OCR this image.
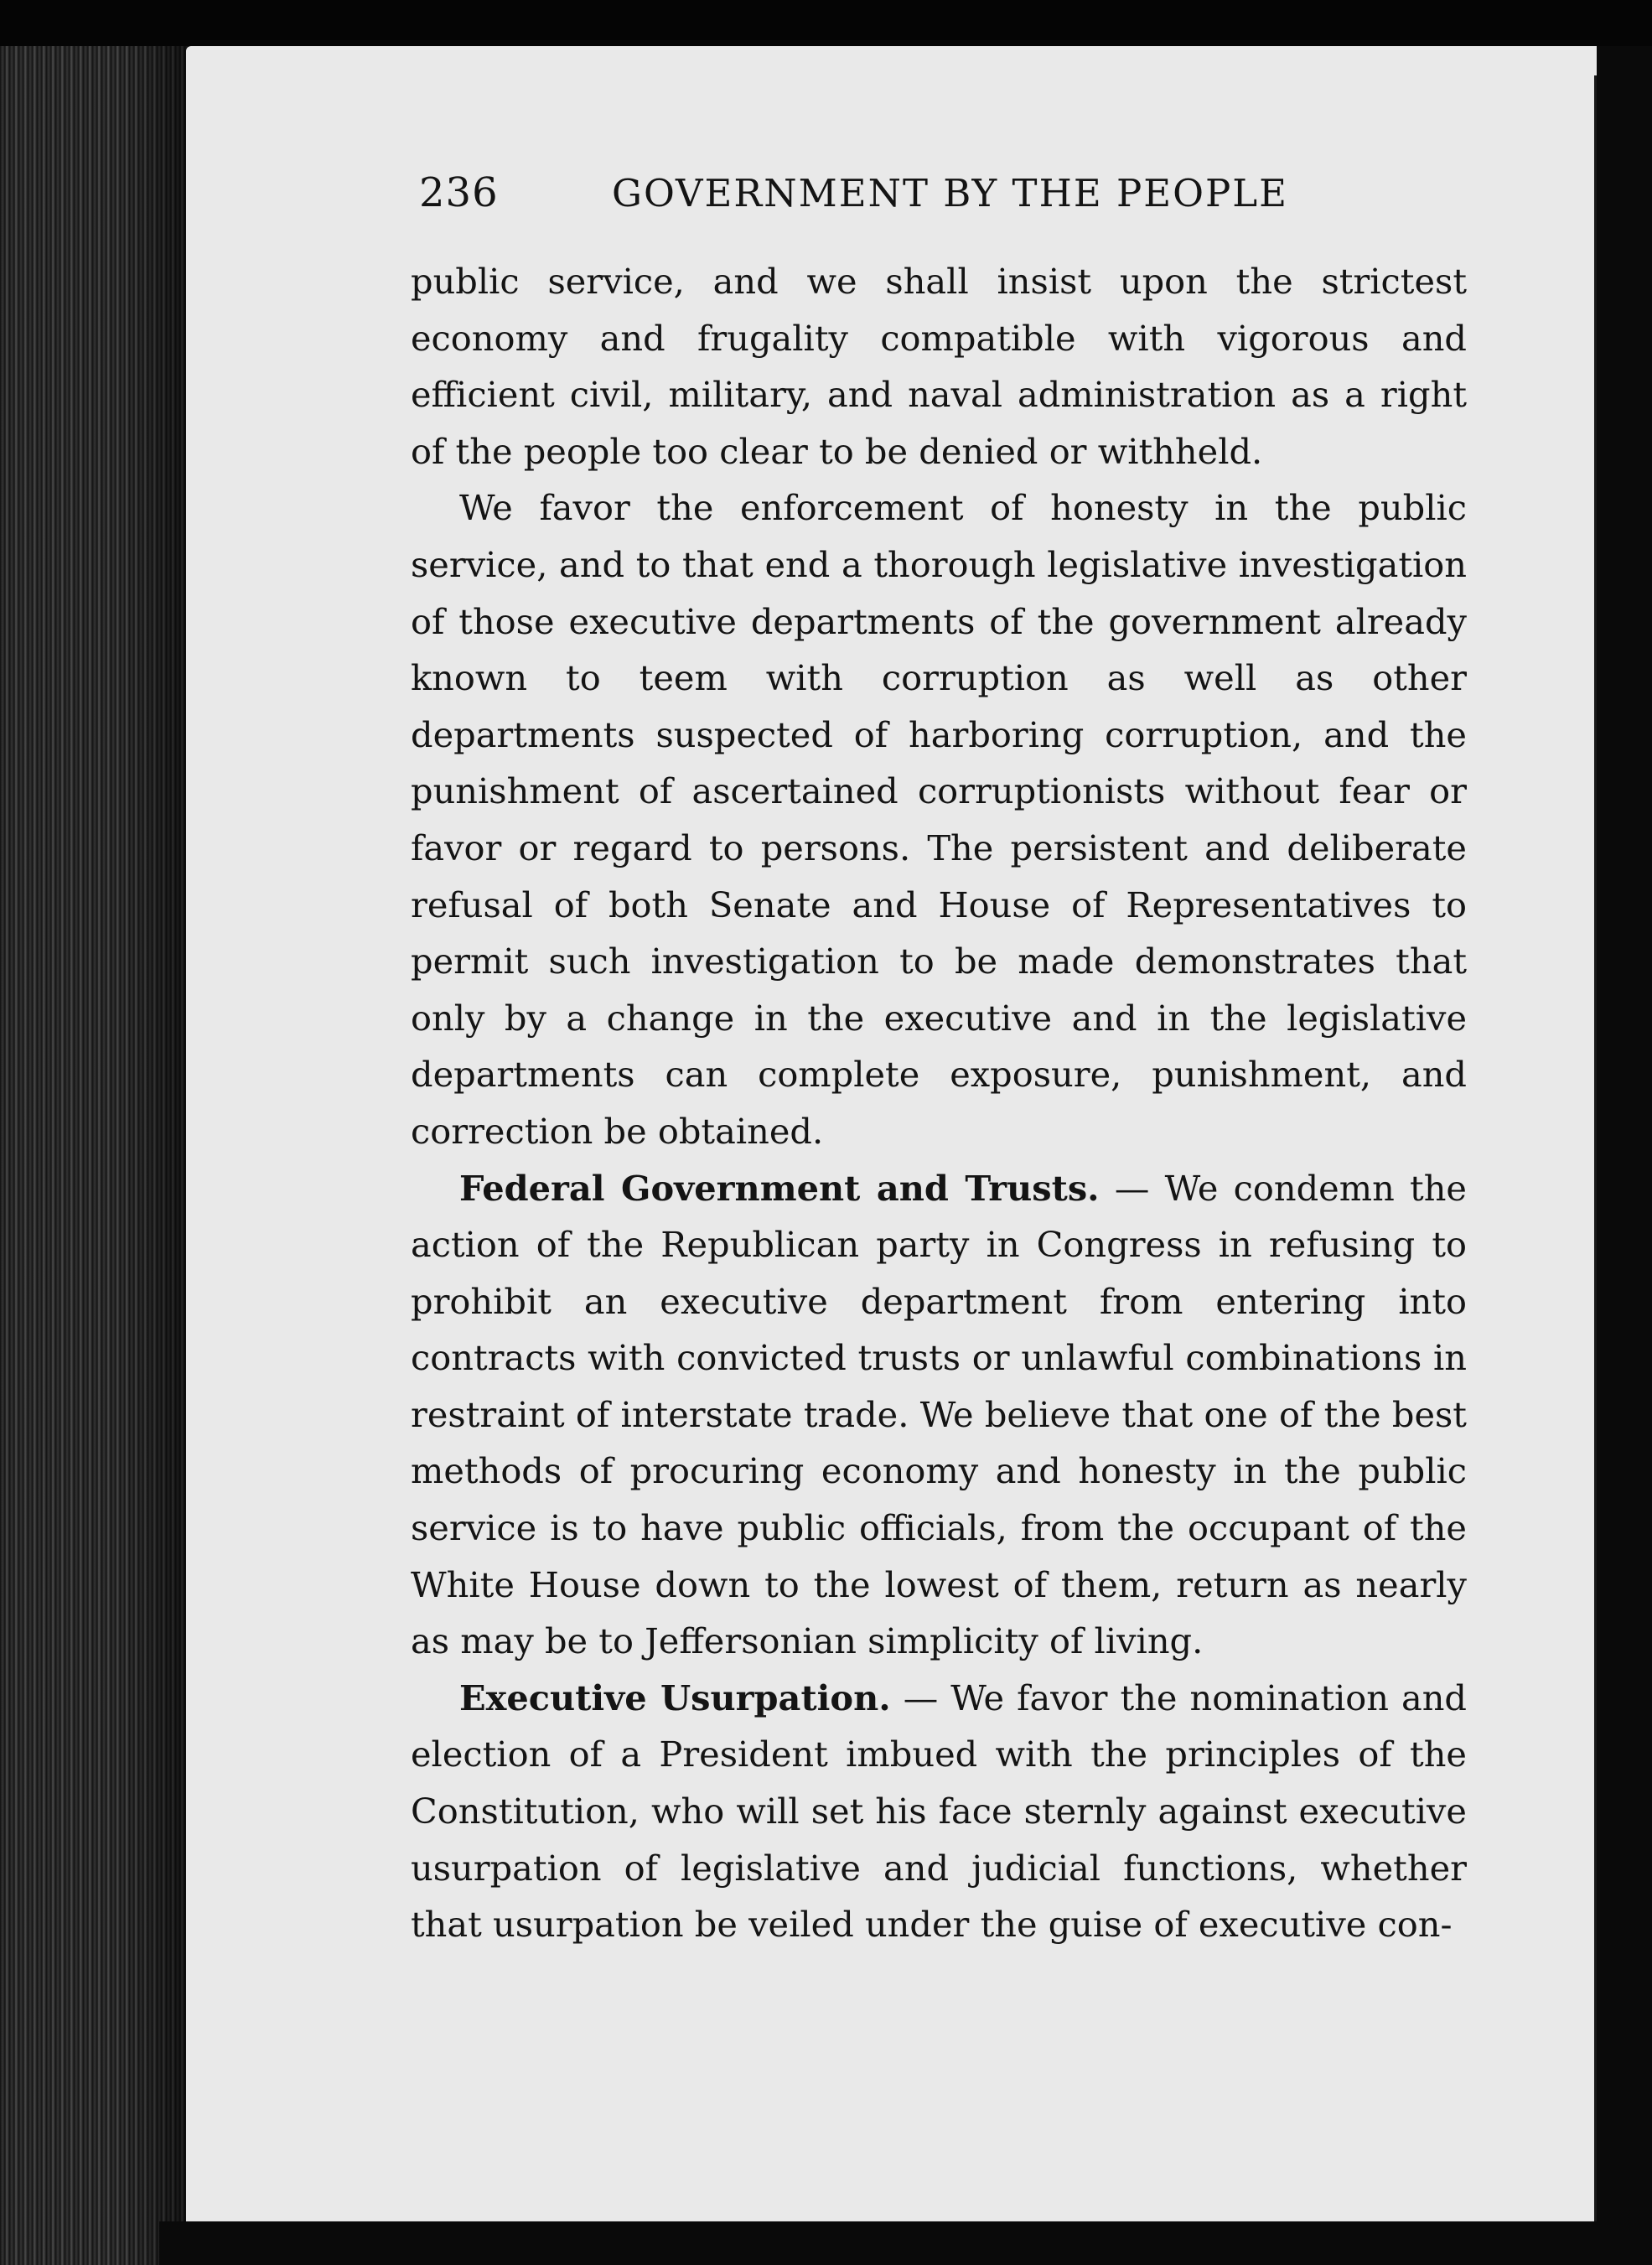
236	GOVERNMENT BY THE PEOPLE

public service, and we shall insist upon the strictest economy and frugality compatible with vigorous and efficient civil, military, and naval administration as a right of the people too clear to be denied or withheld.

We favor the enforcement of honesty in the public service, and to that end a thorough legislative investigation of those executive departments of the government already known to teem with corruption as well as other departments suspected of harboring corruption, and the punishment of ascertained corruptionists without fear or favor or regard to persons. The persistent and deliberate refusal of both Senate and House of Representatives to permit such investigation to be made demonstrates that only by a change in the executive and in the legislative departments can complete exposure, punishment, and correction be obtained.

Federal Government and Trusts. — We condemn the action of the Republican party in Congress in refusing to prohibit an executive department from entering into contracts with convicted trusts or unlawful combinations in restraint of interstate trade. We believe that one of the best methods of procuring economy and honesty in the public service is to have public officials, from the occupant of the White House down to the lowest of them, return as nearly as may be to Jeffersonian simplicity of living.

Executive Usurpation. — We favor the nomination and election of a President imbued with the principles of the Constitution, who will set his face sternly against executive usurpation of legislative and judicial functions, whether that usurpation be veiled under the guise of executive con-
